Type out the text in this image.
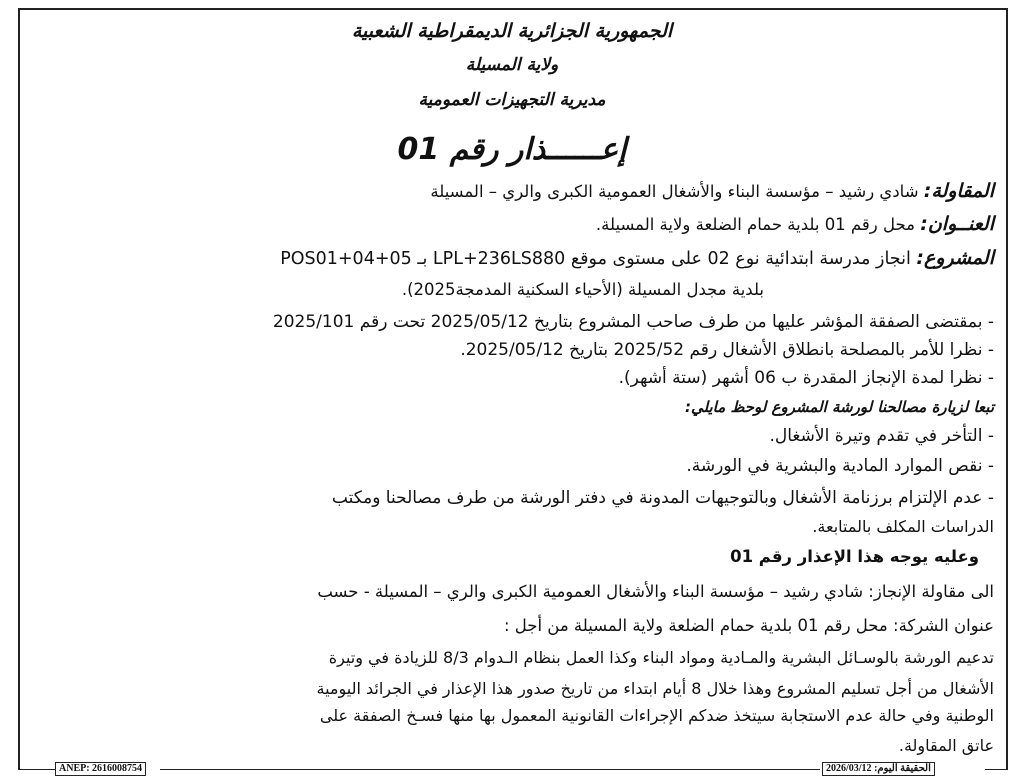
الجمهورية الجزائرية الديمقراطية الشعبية
ولاية المسيلة
مديرية التجهيزات العمومية
إعــــــذار رقم 01
المقاولة: شادي رشيد – مؤسسة البناء والأشغال العمومية الكبرى والري – المسيلة
العنــوان: محل رقم 01 بلدية حمام الضلعة ولاية المسيلة.
المشروع: انجاز مدرسة ابتدائية نوع 02 على مستوى موقع LPL+236LS880 بـ POS01+04+05
بلدية مجدل المسيلة (الأحياء السكنية المدمجة2025).
- بمقتضى الصفقة المؤشر عليها من طرف صاحب المشروع بتاريخ 2025/05/12 تحت رقم 2025/101
- نظرا للأمر بالمصلحة بانطلاق الأشغال رقم 2025/52 بتاريخ 2025/05/12.
- نظرا لمدة الإنجاز المقدرة ب 06 أشهر (ستة أشهر).
تبعا لزيارة مصالحنا لورشة المشروع لوحظ مايلي:
- التأخر في تقدم وتيرة الأشغال.
- نقص الموارد المادية والبشرية في الورشة.
- عدم الإلتزام برزنامة الأشغال وبالتوجيهات المدونة في دفتر الورشة من طرف مصالحنا ومكتب
الدراسات المكلف بالمتابعة.
وعليه يوجه هذا الإعذار رقم 01
الى مقاولة الإنجاز: شادي رشيد – مؤسسة البناء والأشغال العمومية الكبرى والري – المسيلة - حسب
عنوان الشركة: محل رقم 01 بلدية حمام الضلعة ولاية المسيلة من أجل :
تدعيم الورشة بالوسـائل البشرية والمـادية ومواد البناء وكذا العمل بنظام الـدوام 8/3 للزيادة في وتيرة
الأشغال من أجل تسليم المشروع وهذا خلال 8 أيام ابتداء من تاريخ صدور هذا الإعذار في الجرائد اليومية
الوطنية وفي حالة عدم الاستجابة سيتخذ ضدكم الإجراءات القانونية المعمول بها منها فسـخ الصفقة على
عاتق المقاولة.
ANEP: 2616008754	الحقيقة اليوم: 2026/03/12
